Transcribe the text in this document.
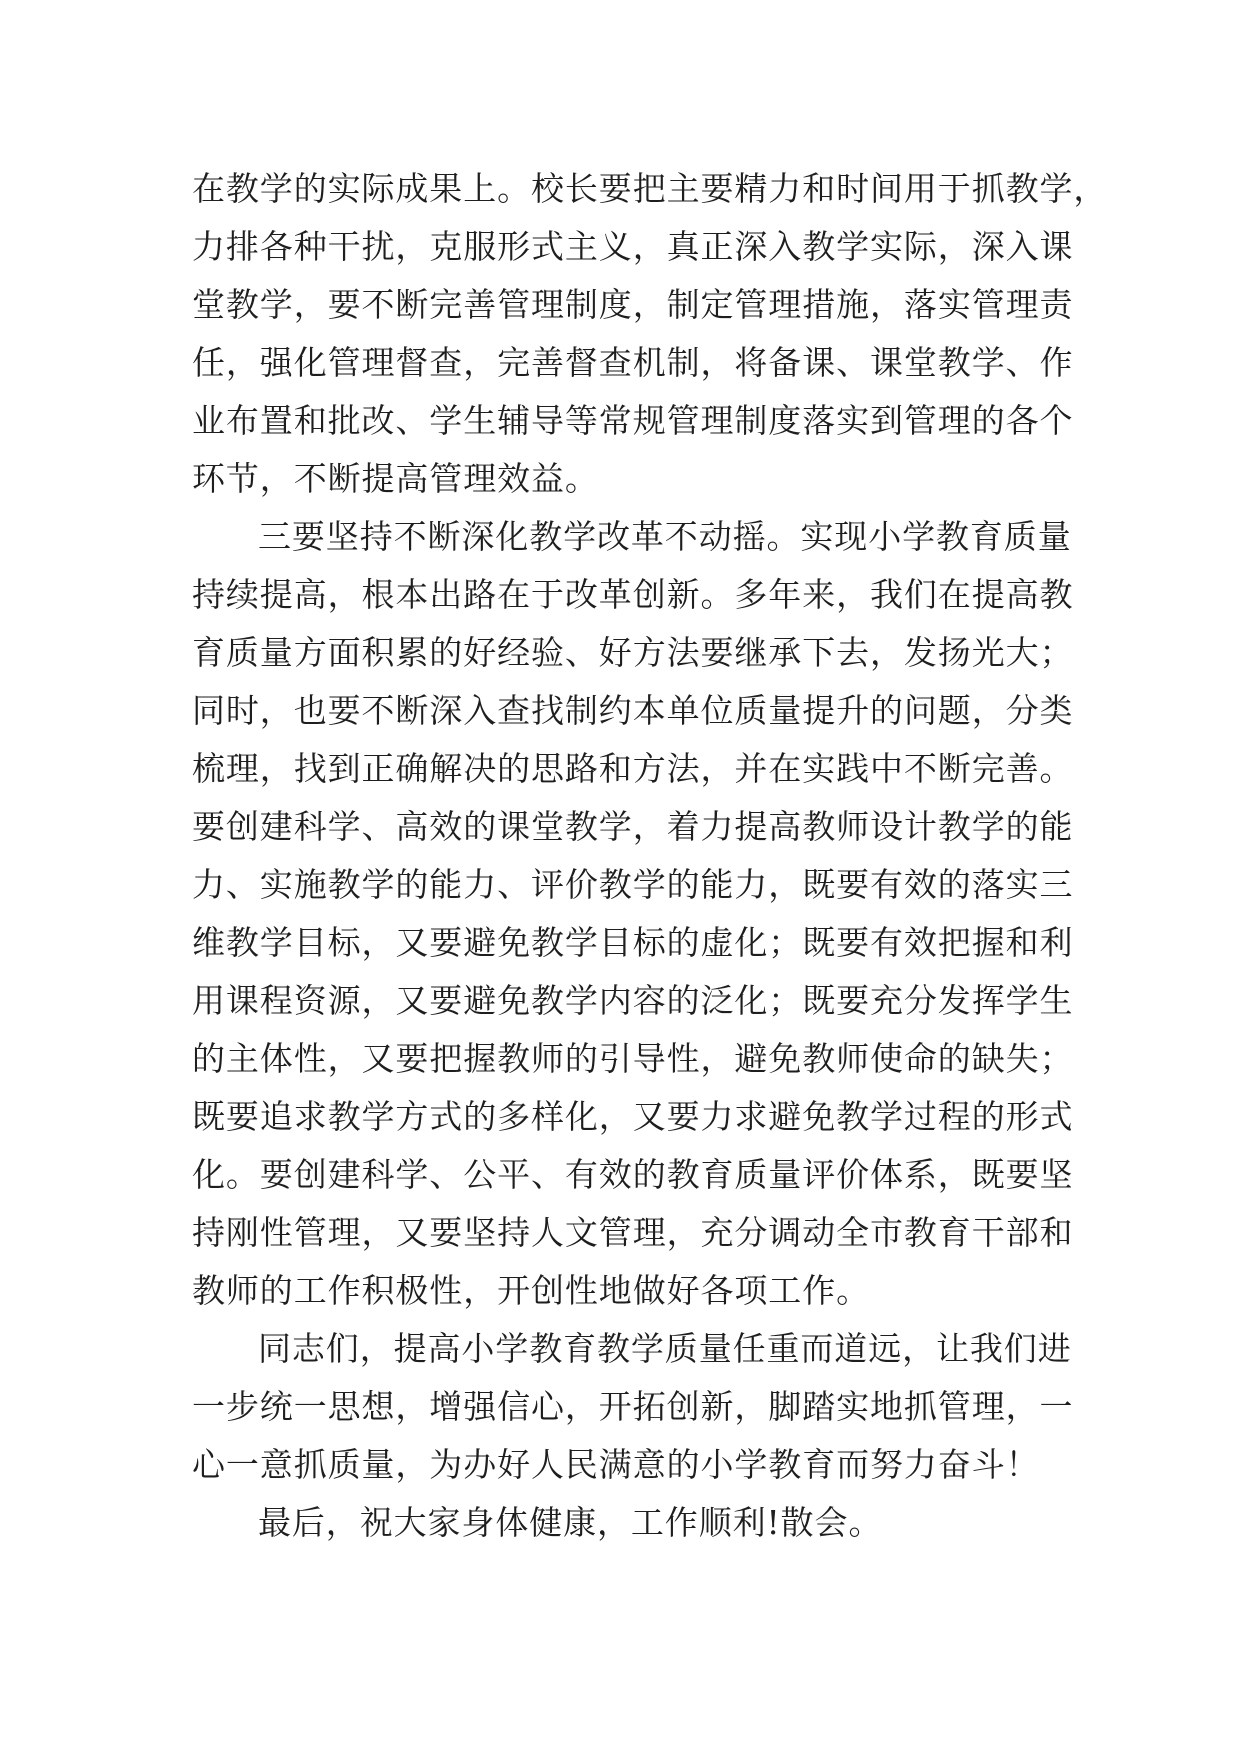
在教学的实际成果上。校长要把主要精力和时间用于抓教学，
力排各种干扰，克服形式主义，真正深入教学实际，深入课
堂教学，要不断完善管理制度，制定管理措施，落实管理责
任，强化管理督查，完善督查机制，将备课、课堂教学、作
业布置和批改、学生辅导等常规管理制度落实到管理的各个
环节，不断提高管理效益。
三要坚持不断深化教学改革不动摇。实现小学教育质量
持续提高，根本出路在于改革创新。多年来，我们在提高教
育质量方面积累的好经验、好方法要继承下去，发扬光大；
同时，也要不断深入查找制约本单位质量提升的问题，分类
梳理，找到正确解决的思路和方法，并在实践中不断完善。
要创建科学、高效的课堂教学，着力提高教师设计教学的能
力、实施教学的能力、评价教学的能力，既要有效的落实三
维教学目标，又要避免教学目标的虚化；既要有效把握和利
用课程资源，又要避免教学内容的泛化；既要充分发挥学生
的主体性，又要把握教师的引导性，避免教师使命的缺失；
既要追求教学方式的多样化，又要力求避免教学过程的形式
化。要创建科学、公平、有效的教育质量评价体系，既要坚
持刚性管理，又要坚持人文管理，充分调动全市教育干部和
教师的工作积极性，开创性地做好各项工作。
同志们，提高小学教育教学质量任重而道远，让我们进
一步统一思想，增强信心，开拓创新，脚踏实地抓管理，一
心一意抓质量，为办好人民满意的小学教育而努力奋斗！
最后，祝大家身体健康，工作顺利!散会。
